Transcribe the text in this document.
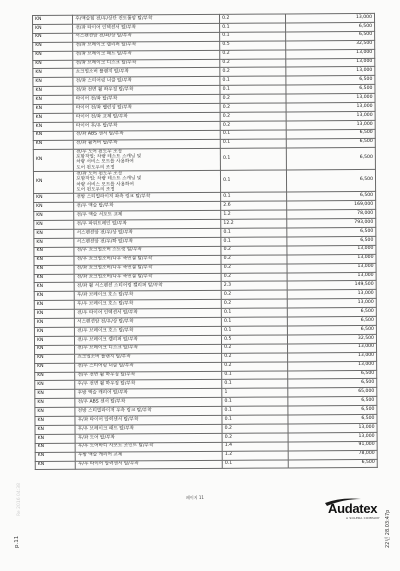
KN	후/액슬힘 전/우/상단 컨트롤암 탈/부착	0.2	13,000
KN	전/좌 타이어 인덱션서 탈/부착	0.1	6,500
KN	서스펜션암 전/좌/상 탈/부착	0.1	6,500
KN	전/좌 브레이크 캘리퍼 탈/부착	0.5	32,500
KN	전/좌 브레이크 패드 탈/부착	0.2	13,000
KN	전/좌 브레이크 디스크 탈/부착	0.2	13,000
KN	쇼크업소버 플랜지 탈/부착	0.2	13,000
KN	전/좌 스티어링 너클 탈/부착	0.1	6,500
KN	전/좌 전면 휠 하우징 탈/부착	0.1	6,500
KN	타이어 전/좌 탈/부착	0.2	13,000
KN	타이어 전/좌 밸런싱 탈/부착	0.2	13,000
KN	타이어 전/좌 교체 탈/부착	0.2	13,000
KN	타이어 후/우 탈/부착	0.2	13,000
KN	전/좌 ABS 센서 탈/부착	0.1	6,500
KN	전/좌 휠커버 탈/부착	0.1	6,500
KN	전/우 도어 윈도우 조정
포함작업: 차량 테스트 스캐닝 및
차량 서비스 모드를 사용하여
도어 윈도우의 조정	0.1	6,500
KN	전/좌 도어 윈도우 조정
포함작업: 차량 테스트 스캐닝 및
차량 서비스 모드를 사용하여
도어 윈도우의 조정	0.1	6,500
KN	전방 스티빌라이저 좌측 링크 탈/부착	0.1	6,500
KN	전/우 액슬 탈/부착	2.6	169,000
KN	전/우 액슬 서포트 교체	1.2	78,000
KN	전/우 파워트레인 탈/부착	12.2	793,000
KN	서스펜션암 전/우/상 탈/부착	0.1	6,500
KN	서스펜션암 전/우/하 탈/부착	0.1	6,500
KN	전/우 쇼크업소버 스트럿 탈/부착	0.2	13,000
KN	전/우 쇼크업소버/나우 축연결 탈/부착	0.2	13,000
KN	전/좌 쇼크업소버/나우 축연결 탈/부착	0.2	13,000
KN	전/좌 쇼크업소버/나우 축연결 탈/부착	0.2	13,000
KN	전/좌 휠 서스펜션 스티어링 캘리퍼 탈/부착	2.3	149,500
KN	후/좌 브레이크 호스 탈/부착	0.2	13,000
KN	후/우 브레이크 호스 탈/부착	0.2	13,000
KN	전/우 타이어 인덱션서 탈/부착	0.1	6,500
KN	서스펜션암 전/우/상 탈/부착	0.1	6,500
KN	전/우 브레이크 호스 탈/부착	0.1	6,500
KN	전/우 브레이크 캘리퍼 탈/부착	0.5	32,500
KN	전/우 브레이크 디스크 탈/부착	0.2	13,000
KN	쇼크업소버 플랜지 탈/부착	0.2	13,000
KN	전/우 스티어링 너클 탈/부착	0.2	13,000
KN	전/우 전면 휠 하우징 탈/부착	0.1	6,500
KN	후/우 전면 휠 하우징 탈/부착	0.1	6,500
KN	후방 액슬 캐리어 탈/부착	1	65,000
KN	전/우 ABS 센서 탈/부착	0.1	6,500
KN	전방 스티빌라이저 우측 링크 탈/부착	0.1	6,500
KN	후/좌 타이어 압력센서 탈/부착	0.1	6,500
KN	후/우 브레이크 패드 탈/부착	0.2	13,000
KN	후/좌 도어 탈/부착	0.2	13,000
KN	후/우 도어바디 사포트 조인트 탈/부착	1.4	91,000
KN	후방 액슬 캐리어 교체	1.2	78,000
KN	후/우 타이어 압력센서 탈/부착	0.1	6,500
페이지 11
Audatex
A SOLERA COMPANY 22년 28.03:47p
p.11
Re 2016 04:38
